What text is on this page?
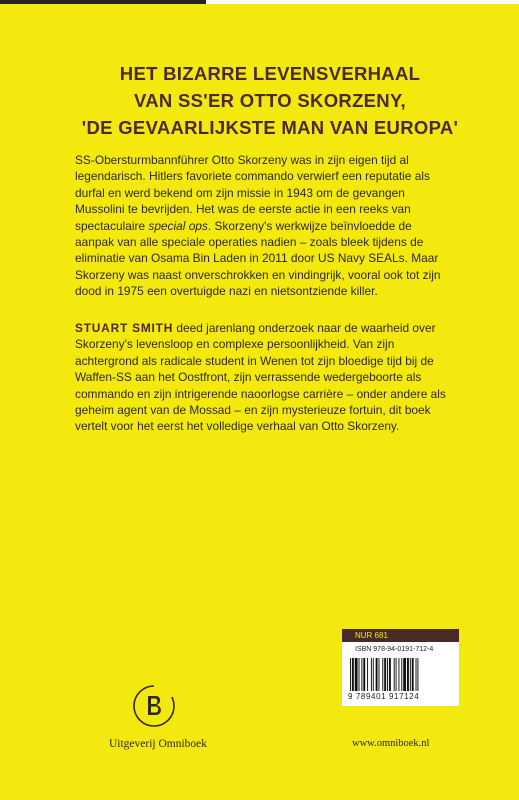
HET BIZARRE LEVENSVERHAAL
VAN SS'ER OTTO SKORZENY,
'DE GEVAARLIJKSTE MAN VAN EUROPA'
SS-Obersturmbannführer Otto Skorzeny was in zijn eigen tijd al legendarisch. Hitlers favoriete commando verwierf een reputatie als durfal en werd bekend om zijn missie in 1943 om de gevangen Mussolini te bevrijden. Het was de eerste actie in een reeks van spectaculaire special ops. Skorzeny's werkwijze beïnvloedde de aanpak van alle speciale operaties nadien – zoals bleek tijdens de eliminatie van Osama Bin Laden in 2011 door US Navy SEALs. Maar Skorzeny was naast onverschrokken en vindingrijk, vooral ook tot zijn dood in 1975 een overtuigde nazi en nietsontziende killer.
STUART SMITH deed jarenlang onderzoek naar de waarheid over Skorzeny's levensloop en complexe persoonlijkheid. Van zijn achtergrond als radicale student in Wenen tot zijn bloedige tijd bij de Waffen-SS aan het Oostfront, zijn verrassende wedergeboorte als commando en zijn intrigerende naoorlogse carrière – onder andere als geheim agent van de Mossad – en zijn mysterieuze fortuin, dit boek vertelt voor het eerst het volledige verhaal van Otto Skorzeny.
NUR 681
ISBN 978-94-0191-712-4
9 789401 917124
Uitgeverij Omniboek	www.omniboek.nl
